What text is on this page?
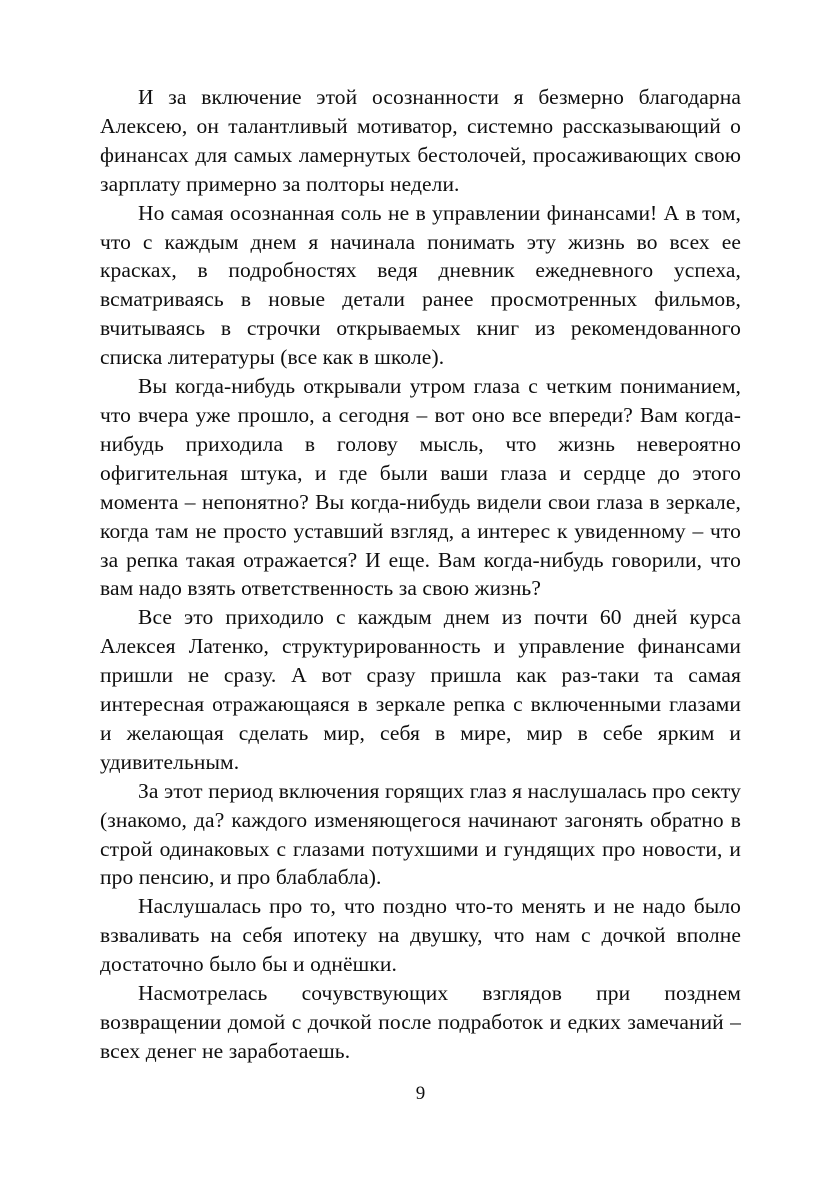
И за включение этой осознанности я безмерно благодарна Алексею, он талантливый мотиватор, системно рассказывающий о финансах для самых ламернутых бестолочей, просаживающих свою зарплату примерно за полторы недели.

Но самая осознанная соль не в управлении финансами! А в том, что с каждым днем я начинала понимать эту жизнь во всех ее красках, в подробностях ведя дневник ежедневного успеха, всматриваясь в новые детали ранее просмотренных фильмов, вчитываясь в строчки открываемых книг из рекомендованного списка литературы (все как в школе).

Вы когда-нибудь открывали утром глаза с четким пониманием, что вчера уже прошло, а сегодня – вот оно все впереди? Вам когда-нибудь приходила в голову мысль, что жизнь невероятно офигительная штука, и где были ваши глаза и сердце до этого момента – непонятно? Вы когда-нибудь видели свои глаза в зеркале, когда там не просто уставший взгляд, а интерес к увиденному – что за репка такая отражается? И еще. Вам когда-нибудь говорили, что вам надо взять ответственность за свою жизнь?

Все это приходило с каждым днем из почти 60 дней курса Алексея Латенко, структурированность и управление финансами пришли не сразу. А вот сразу пришла как раз-таки та самая интересная отражающаяся в зеркале репка с включенными глазами и желающая сделать мир, себя в мире, мир в себе ярким и удивительным.

За этот период включения горящих глаз я наслушалась про секту (знакомо, да? каждого изменяющегося начинают загонять обратно в строй одинаковых с глазами потухшими и гундящих про новости, и про пенсию, и про блаблабла).

Наслушалась про то, что поздно что-то менять и не надо было взваливать на себя ипотеку на двушку, что нам с дочкой вполне достаточно было бы и однёшки.

Насмотрелась сочувствующих взглядов при позднем возвращении домой с дочкой после подработок и едких замечаний – всех денег не заработаешь.

9
